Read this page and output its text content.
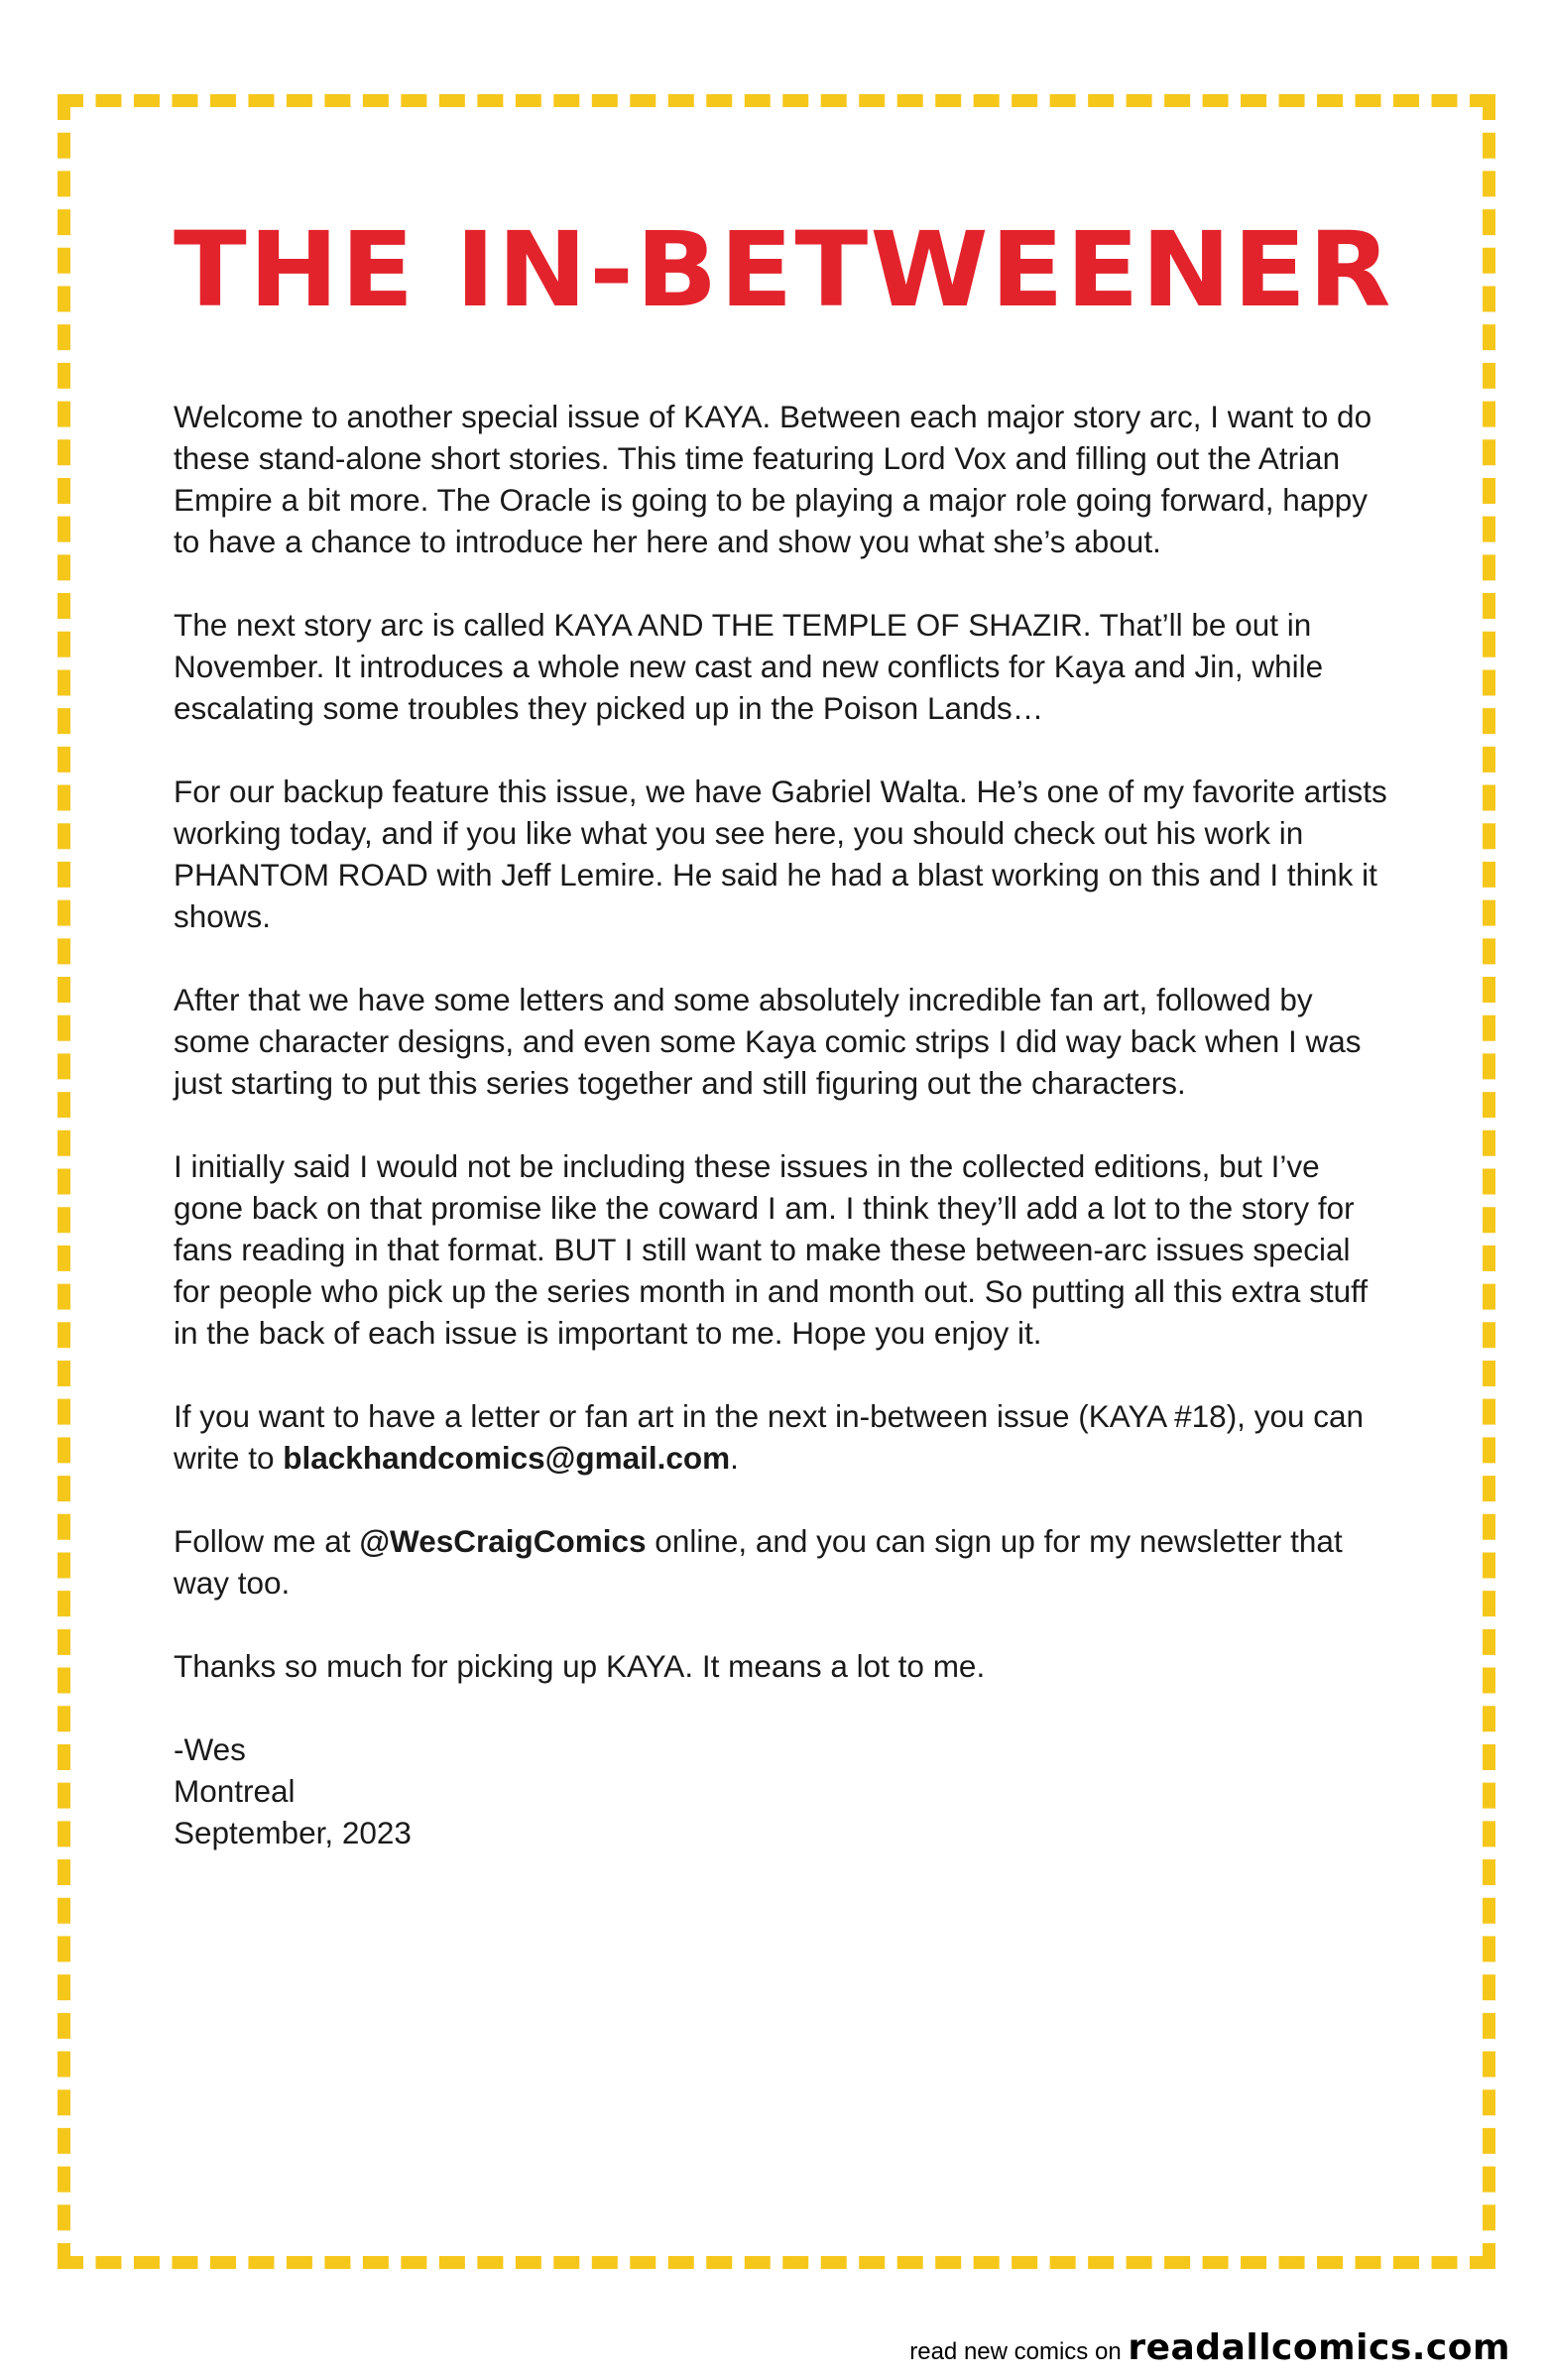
THE IN-BETWEENER

Welcome to another special issue of KAYA. Between each major story arc, I want to do these stand-alone short stories. This time featuring Lord Vox and filling out the Atrian Empire a bit more. The Oracle is going to be playing a major role going forward, happy to have a chance to introduce her here and show you what she’s about.

The next story arc is called KAYA AND THE TEMPLE OF SHAZIR. That’ll be out in November. It introduces a whole new cast and new conflicts for Kaya and Jin, while escalating some troubles they picked up in the Poison Lands…

For our backup feature this issue, we have Gabriel Walta. He’s one of my favorite artists working today, and if you like what you see here, you should check out his work in PHANTOM ROAD with Jeff Lemire. He said he had a blast working on this and I think it shows.

After that we have some letters and some absolutely incredible fan art, followed by some character designs, and even some Kaya comic strips I did way back when I was just starting to put this series together and still figuring out the characters.

I initially said I would not be including these issues in the collected editions, but I’ve gone back on that promise like the coward I am. I think they’ll add a lot to the story for fans reading in that format. BUT I still want to make these between-arc issues special for people who pick up the series month in and month out. So putting all this extra stuff in the back of each issue is important to me. Hope you enjoy it.

If you want to have a letter or fan art in the next in-between issue (KAYA #18), you can write to blackhandcomics@gmail.com.

Follow me at @WesCraigComics online, and you can sign up for my newsletter that way too.

Thanks so much for picking up KAYA. It means a lot to me.

-Wes

Montreal

September, 2023

read new comics on readallcomics.com
